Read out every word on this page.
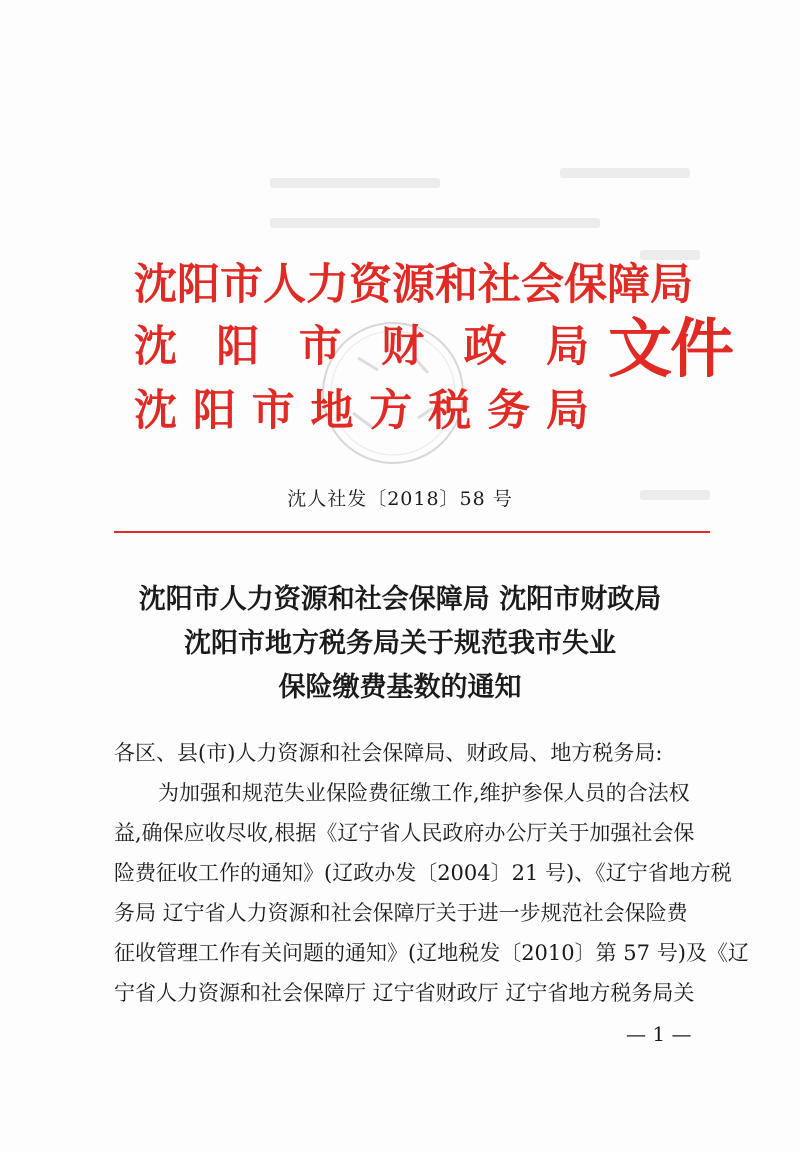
沈阳市人力资源和社会保障局
沈 阳 市 财 政 局
沈 阳 市 地 方 税 务 局
文件
沈人社发〔2018〕58 号
沈阳市人力资源和社会保障局 沈阳市财政局
沈阳市地方税务局关于规范我市失业
保险缴费基数的通知
各区、县(市)人力资源和社会保障局、财政局、地方税务局:
为加强和规范失业保险费征缴工作,维护参保人员的合法权
益,确保应收尽收,根据《辽宁省人民政府办公厅关于加强社会保
险费征收工作的通知》(辽政办发〔2004〕21 号)、《辽宁省地方税
务局 辽宁省人力资源和社会保障厅关于进一步规范社会保险费
征收管理工作有关问题的通知》(辽地税发〔2010〕第 57 号)及《辽
宁省人力资源和社会保障厅 辽宁省财政厅 辽宁省地方税务局关
— 1 —
